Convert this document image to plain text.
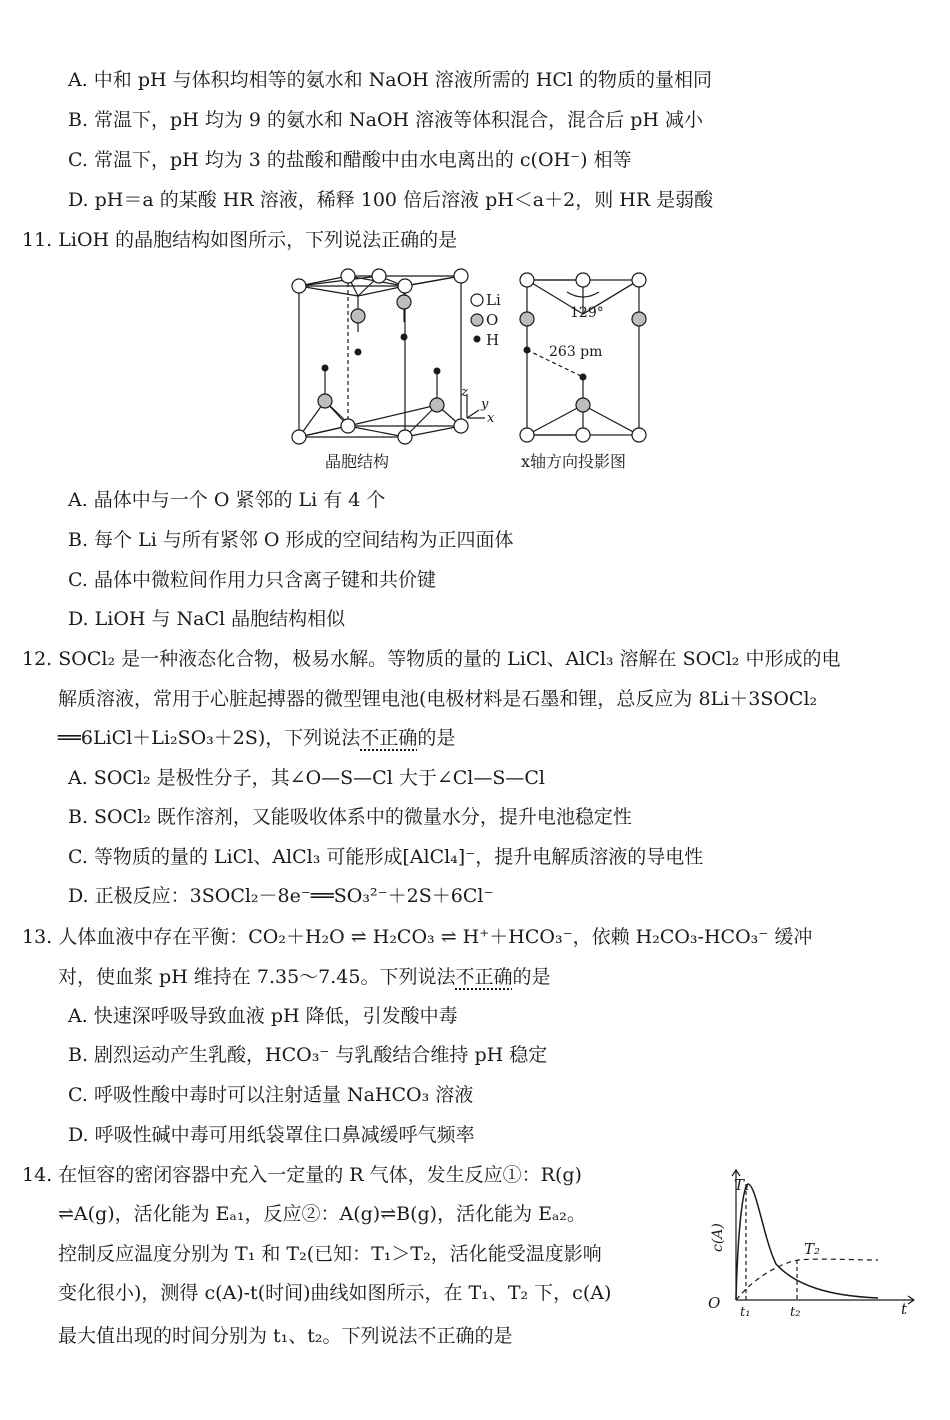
A. 中和 pH 与体积均相等的氨水和 NaOH 溶液所需的 HCl 的物质的量相同
B. 常温下，pH 均为 9 的氨水和 NaOH 溶液等体积混合，混合后 pH 减小
C. 常温下，pH 均为 3 的盐酸和醋酸中由水电离出的 c(OH⁻) 相等
D. pH＝a 的某酸 HR 溶液，稀释 100 倍后溶液 pH＜a＋2，则 HR 是弱酸
11. LiOH 的晶胞结构如图所示，下列说法正确的是
Li
O
H
z
y
x
129°
263 pm
晶胞结构	x轴方向投影图
A. 晶体中与一个 O 紧邻的 Li 有 4 个
B. 每个 Li 与所有紧邻 O 形成的空间结构为正四面体
C. 晶体中微粒间作用力只含离子键和共价键
D. LiOH 与 NaCl 晶胞结构相似
12. SOCl₂ 是一种液态化合物，极易水解。等物质的量的 LiCl、AlCl₃ 溶解在 SOCl₂ 中形成的电
解质溶液，常用于心脏起搏器的微型锂电池(电极材料是石墨和锂，总反应为 8Li＋3SOCl₂
══6LiCl＋Li₂SO₃＋2S)，下列说法不正确的是
A. SOCl₂ 是极性分子，其∠O—S—Cl 大于∠Cl—S—Cl
B. SOCl₂ 既作溶剂，又能吸收体系中的微量水分，提升电池稳定性
C. 等物质的量的 LiCl、AlCl₃ 可能形成[AlCl₄]⁻，提升电解质溶液的导电性
D. 正极反应：3SOCl₂－8e⁻══SO₃²⁻＋2S＋6Cl⁻
13. 人体血液中存在平衡：CO₂＋H₂O ⇌ H₂CO₃ ⇌ H⁺＋HCO₃⁻，依赖 H₂CO₃-HCO₃⁻ 缓冲
对，使血浆 pH 维持在 7.35～7.45。下列说法不正确的是
A. 快速深呼吸导致血液 pH 降低，引发酸中毒
B. 剧烈运动产生乳酸，HCO₃⁻ 与乳酸结合维持 pH 稳定
C. 呼吸性酸中毒时可以注射适量 NaHCO₃ 溶液
D. 呼吸性碱中毒可用纸袋罩住口鼻减缓呼气频率
14. 在恒容的密闭容器中充入一定量的 R 气体，发生反应①：R(g)
⇌A(g)，活化能为 Eₐ₁，反应②：A(g)⇌B(g)，活化能为 Eₐ₂。
控制反应温度分别为 T₁ 和 T₂(已知：T₁＞T₂，活化能受温度影响
变化很小)，测得 c(A)-t(时间)曲线如图所示，在 T₁、T₂ 下，c(A)
最大值出现的时间分别为 t₁、t₂。下列说法不正确的是
T₁
T₂
O	t
t₁	t₂
c(A)
